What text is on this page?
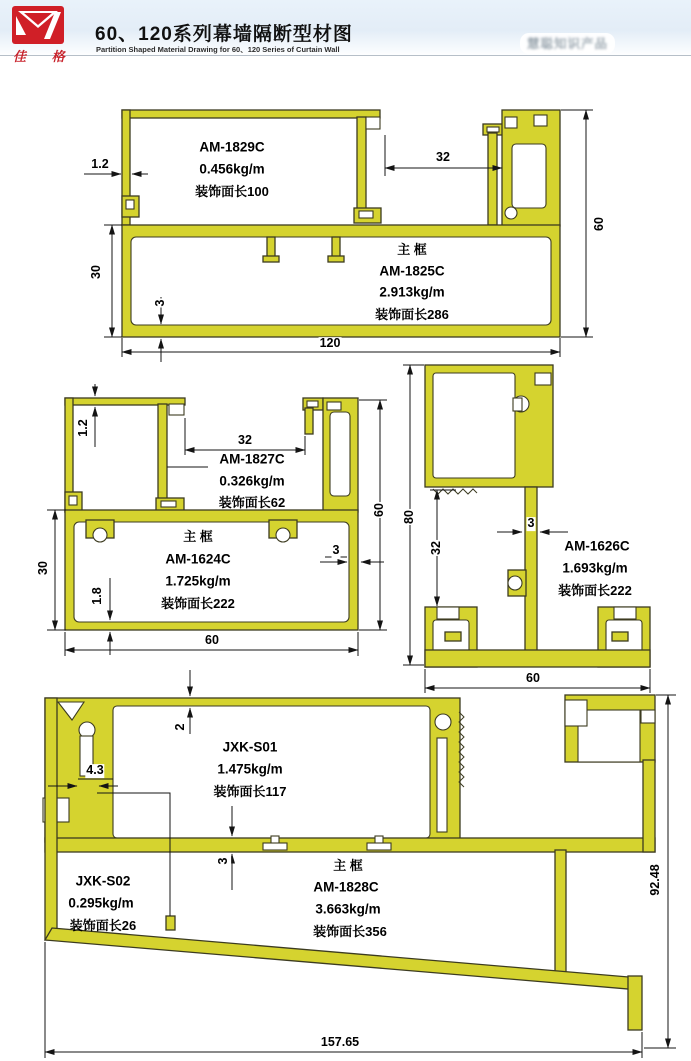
佳 格
60、120系列幕墙隔断型材图
Partition Shaped Material Drawing for 60、120 Series of Curtain Wall	慧聪知识产品
AM-1829C
0.456kg/m
装饰面长100
主 框
AM-1825C
2.913kg/m
装饰面长286
1.2	32
30
3
120
60
AM-1827C
0.326kg/m
装饰面长62
主 框
AM-1624C
1.725kg/m
装饰面长222
1.2
32
30
1.8
3
60
60
80
32
3
AM-1626C
1.693kg/m
装饰面长222
60
JXK-S01
1.475kg/m
装饰面长117
2
4.3
3	主 框
AM-1828C
3.663kg/m
装饰面长356
JXK-S02
0.295kg/m
装饰面长26
92.48
157.65
